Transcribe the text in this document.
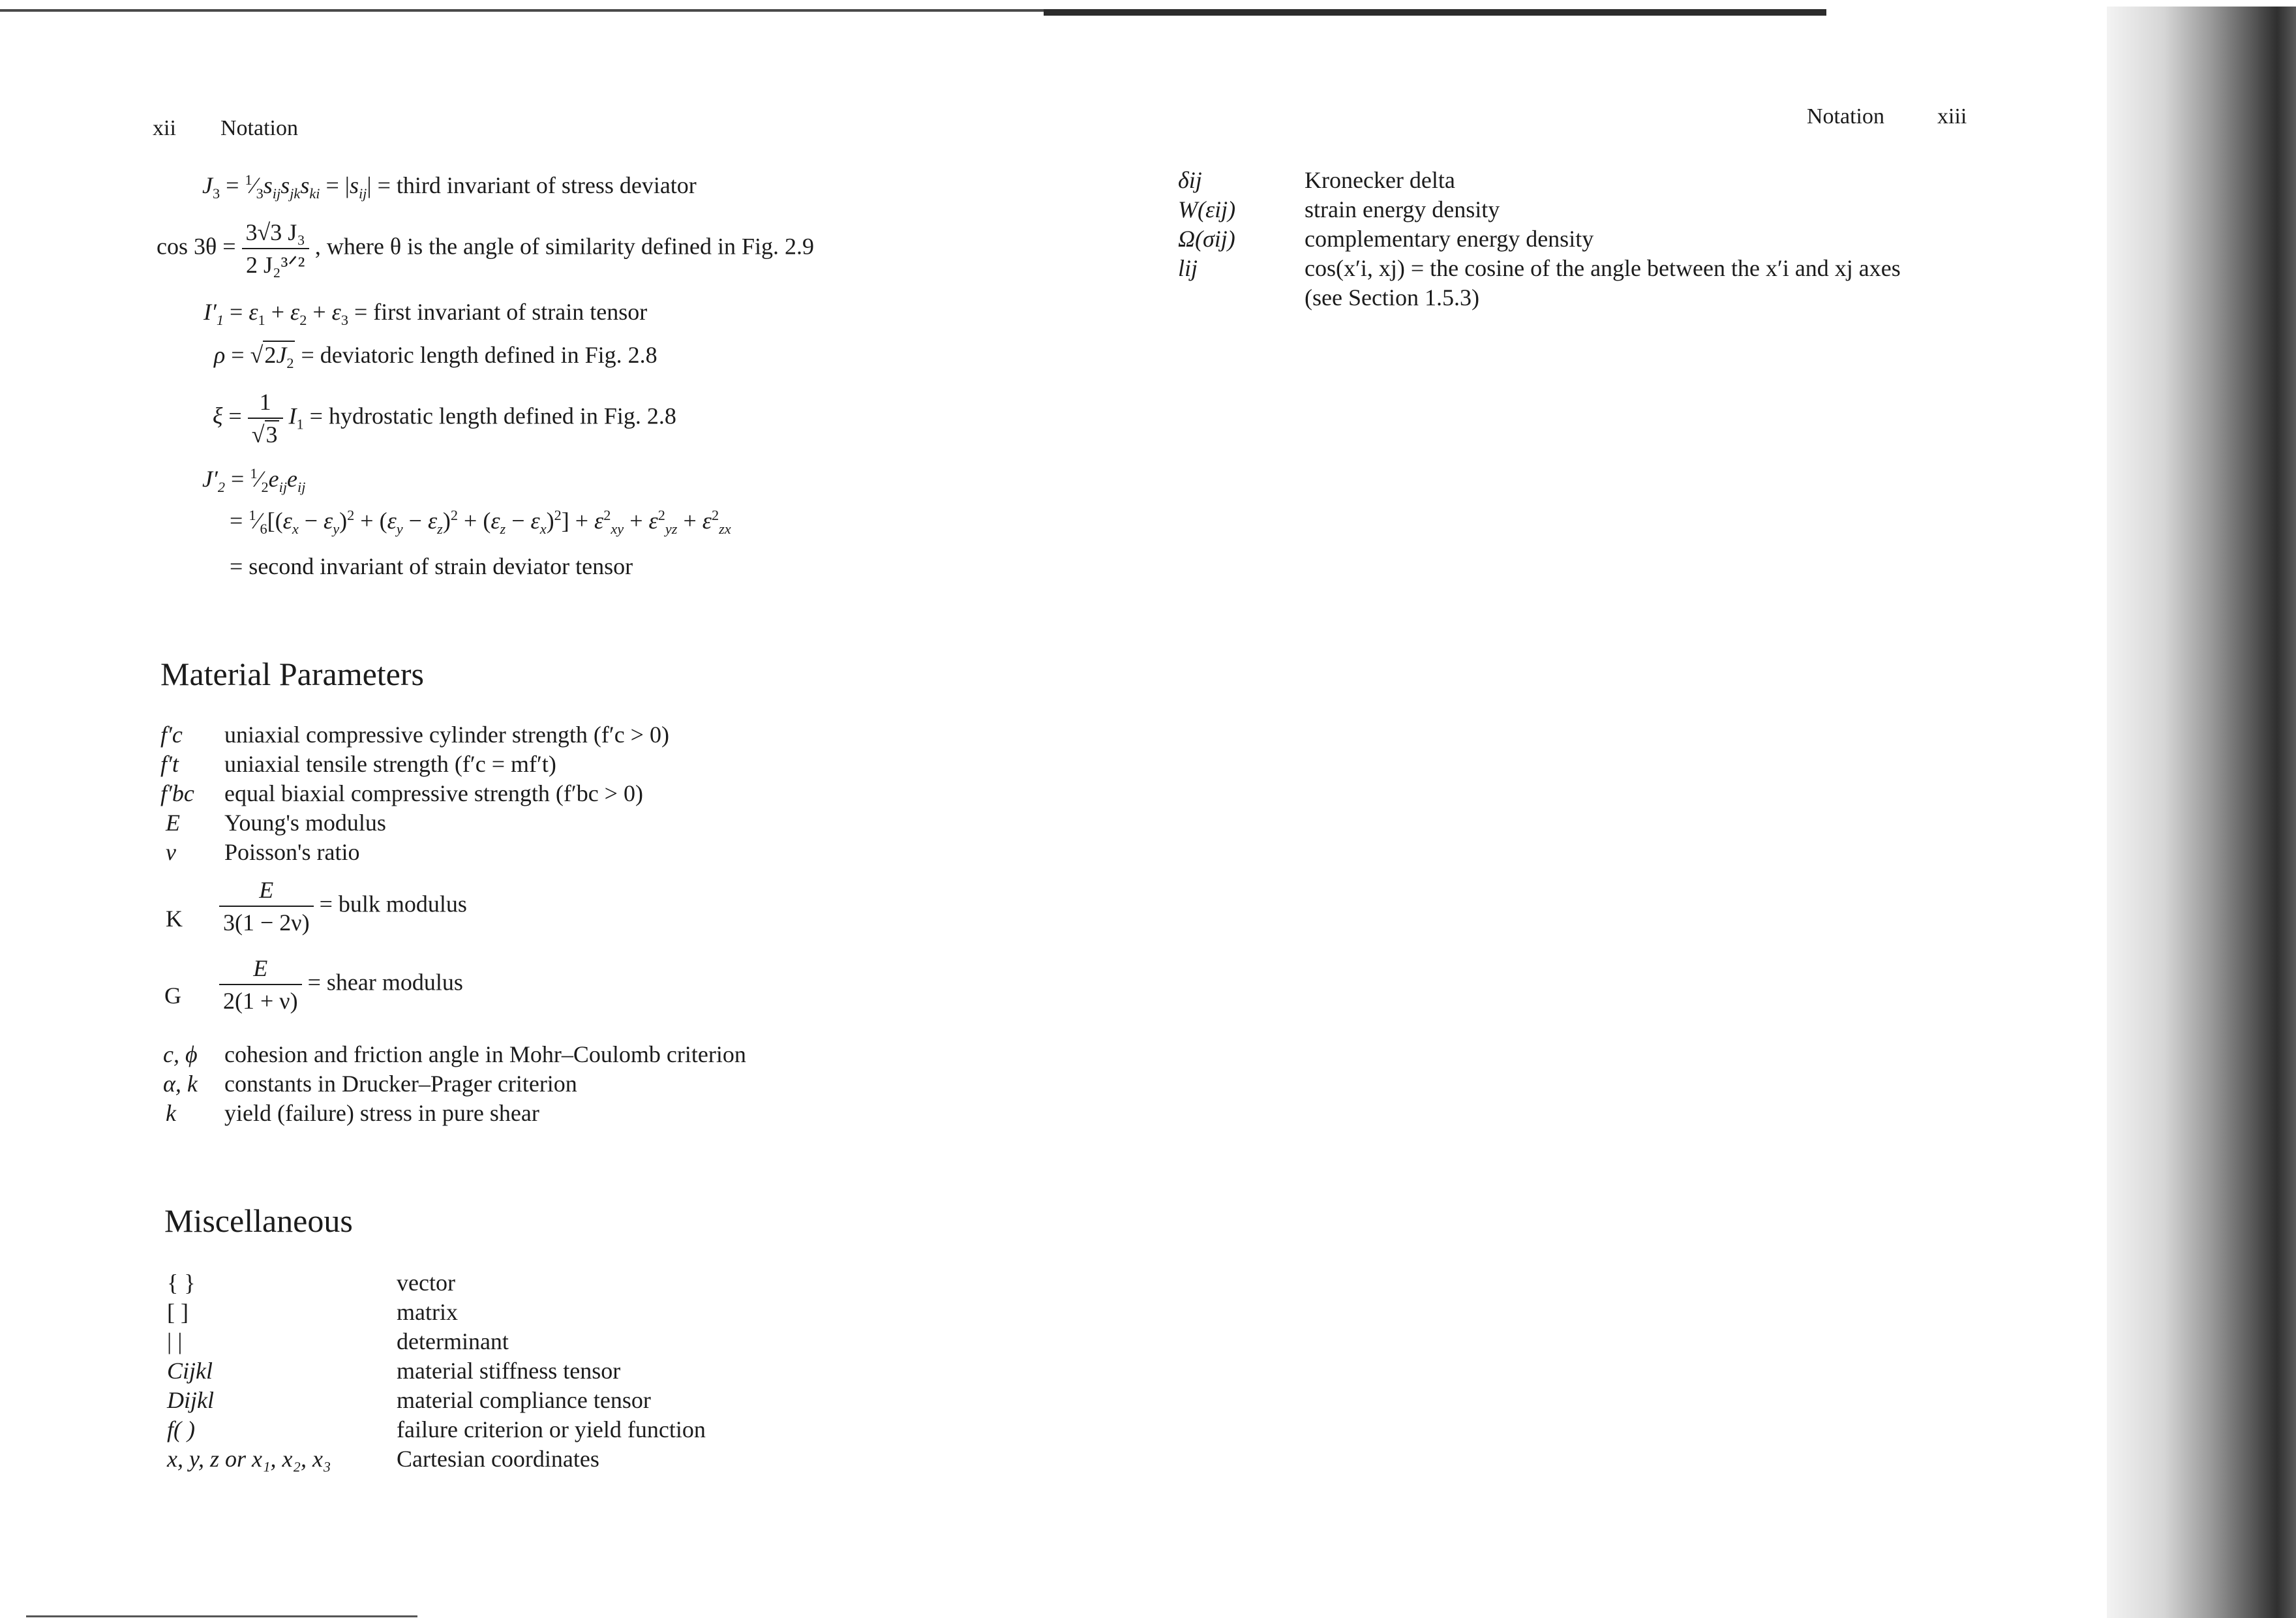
xii Notation
$J_3$ = $^1⁄_3s_{ij}s_{jk}s_{ki} = |s_{ij}|$ = third invariant of stress deviator
$\cos 3\theta = \frac{\text{3√3 J₃}}{\text{2 J₂³ᐟ²}}$ , where θ is the angle of similarity defined in Fig. 2.9
$I'_1 = \varepsilon_1 + \varepsilon_2 + \varepsilon_3$ = first invariant of strain tensor
$\rho = √2J_2$ = deviatoric length defined in Fig. 2.8
$\xi = \frac{1}{√3} I_1$ = hydrostatic length defined in Fig. 2.8
$J'_2$ = $^1⁄_2e_{ij}e_{ij}$
= $^1⁄_6[(\varepsilon_x - \varepsilon_y)^2 + (\varepsilon_y - \varepsilon_z)^2 + (\varepsilon_z - \varepsilon_x)^2] + \varepsilon^2_{xy} + \varepsilon^2_{yz} + \varepsilon^2_{zx}$
= second invariant of strain deviator tensor
Material Parameters
f′c uniaxial compressive cylinder strength (f′c > 0)
f′t uniaxial tensile strength (f′c = mf′t)
f′bc equal biaxial compressive strength (f′bc > 0)
E Young's modulus
ν Poisson's ratio
K $\frac{E}{3(1 - 2\nu)}$ = bulk modulus
G $\frac{E}{2(1 + \nu)}$ = shear modulus
c, ϕ cohesion and friction angle in Mohr–Coulomb criterion
α, k constants in Drucker–Prager criterion
k yield (failure) stress in pure shear
Miscellaneous
{ }	vector
[ ]	matrix
| |	determinant
Cijkl	material stiffness tensor
Dijkl	material compliance tensor
f( )	failure criterion or yield function
x, y, z or x₁, x₂, x₃	Cartesian coordinates
Notation xiii
δij	Kronecker delta
W(εij)	strain energy density
Ω(σij)	complementary energy density
lij	cos(x′i, xj) = the cosine of the angle between the x′i and xj axes
(see Section 1.5.3)
